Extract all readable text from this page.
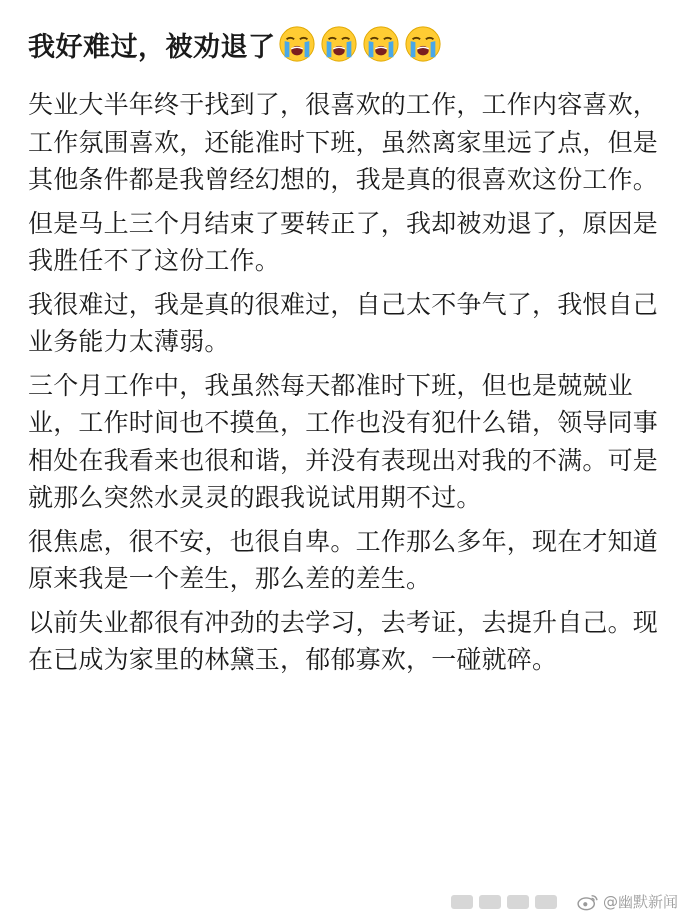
我好难过，被劝退了

失业大半年终于找到了，很喜欢的工作，工作内容喜欢，工作氛围喜欢，还能准时下班，虽然离家里远了点，但是其他条件都是我曾经幻想的，我是真的很喜欢这份工作。

但是马上三个月结束了要转正了，我却被劝退了，原因是我胜任不了这份工作。

我很难过，我是真的很难过，自己太不争气了，我恨自己业务能力太薄弱。

三个月工作中，我虽然每天都准时下班，但也是兢兢业业，工作时间也不摸鱼，工作也没有犯什么错，领导同事相处在我看来也很和谐，并没有表现出对我的不满。可是就那么突然水灵灵的跟我说试用期不过。

很焦虑，很不安，也很自卑。工作那么多年，现在才知道原来我是一个差生，那么差的差生。

以前失业都很有冲劲的去学习，去考证，去提升自己。现在已成为家里的林黛玉，郁郁寡欢，一碰就碎。

@幽默新闻
